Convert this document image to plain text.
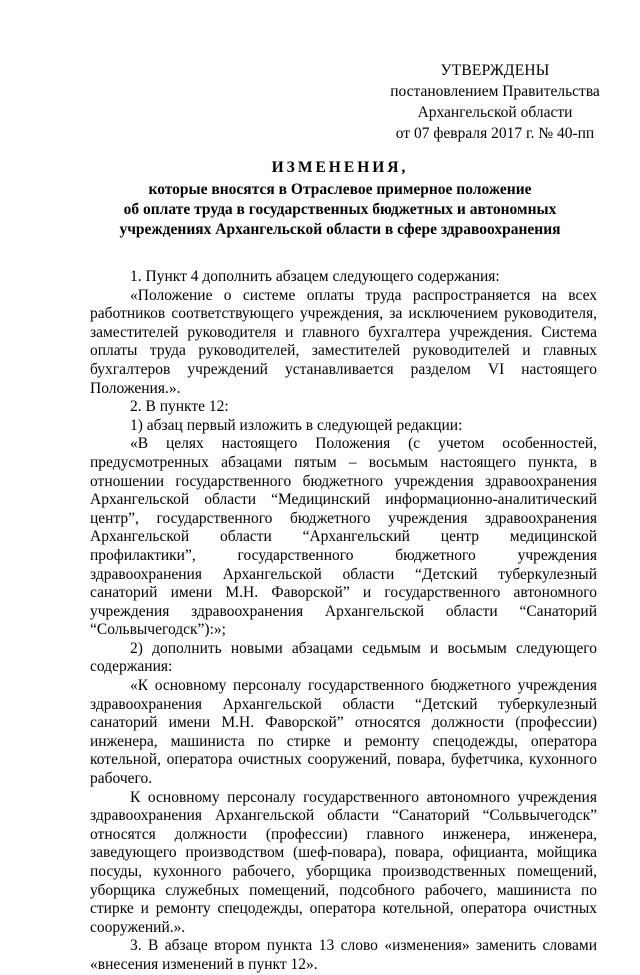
УТВЕРЖДЕНЫ
постановлением Правительства
Архангельской области
от 07 февраля 2017 г. № 40-пп
ИЗМЕНЕНИЯ,
которые вносятся в Отраслевое примерное положение
об оплате труда в государственных бюджетных и автономных
учреждениях Архангельской области в сфере здравоохранения

1. Пункт 4 дополнить абзацем следующего содержания:

«Положение о системе оплаты труда распространяется на всех работников соответствующего учреждения, за исключением руководителя, заместителей руководителя и главного бухгалтера учреждения. Система оплаты труда руководителей, заместителей руководителей и главных бухгалтеров учреждений устанавливается разделом VI настоящего Положения.».

2. В пункте 12:

1) абзац первый изложить в следующей редакции:

«В целях настоящего Положения (с учетом особенностей, предусмотренных абзацами пятым – восьмым настоящего пункта, в отношении государственного бюджетного учреждения здравоохранения Архангельской области “Медицинский информационно-аналитический центр”, государственного бюджетного учреждения здравоохранения Архангельской области “Архангельский центр медицинской профилактики”, государственного бюджетного учреждения здравоохранения Архангельской области “Детский туберкулезный санаторий имени М.Н. Фаворской” и государственного автономного учреждения здравоохранения Архангельской области “Санаторий “Сольвычегодск”):»;

2) дополнить новыми абзацами седьмым и восьмым следующего содержания:

«К основному персоналу государственного бюджетного учреждения здравоохранения Архангельской области “Детский туберкулезный санаторий имени М.Н. Фаворской” относятся должности (профессии) инженера, машиниста по стирке и ремонту спецодежды, оператора котельной, оператора очистных сооружений, повара, буфетчика, кухонного рабочего.

К основному персоналу государственного автономного учреждения здравоохранения Архангельской области “Санаторий “Сольвычегодск” относятся должности (профессии) главного инженера, инженера, заведующего производством (шеф-повара), повара, официанта, мойщика посуды, кухонного рабочего, уборщика производственных помещений, уборщика служебных помещений, подсобного рабочего, машиниста по стирке и ремонту спецодежды, оператора котельной, оператора очистных сооружений.».

3. В абзаце втором пункта 13 слово «изменения» заменить словами «внесения изменений в пункт 12».
